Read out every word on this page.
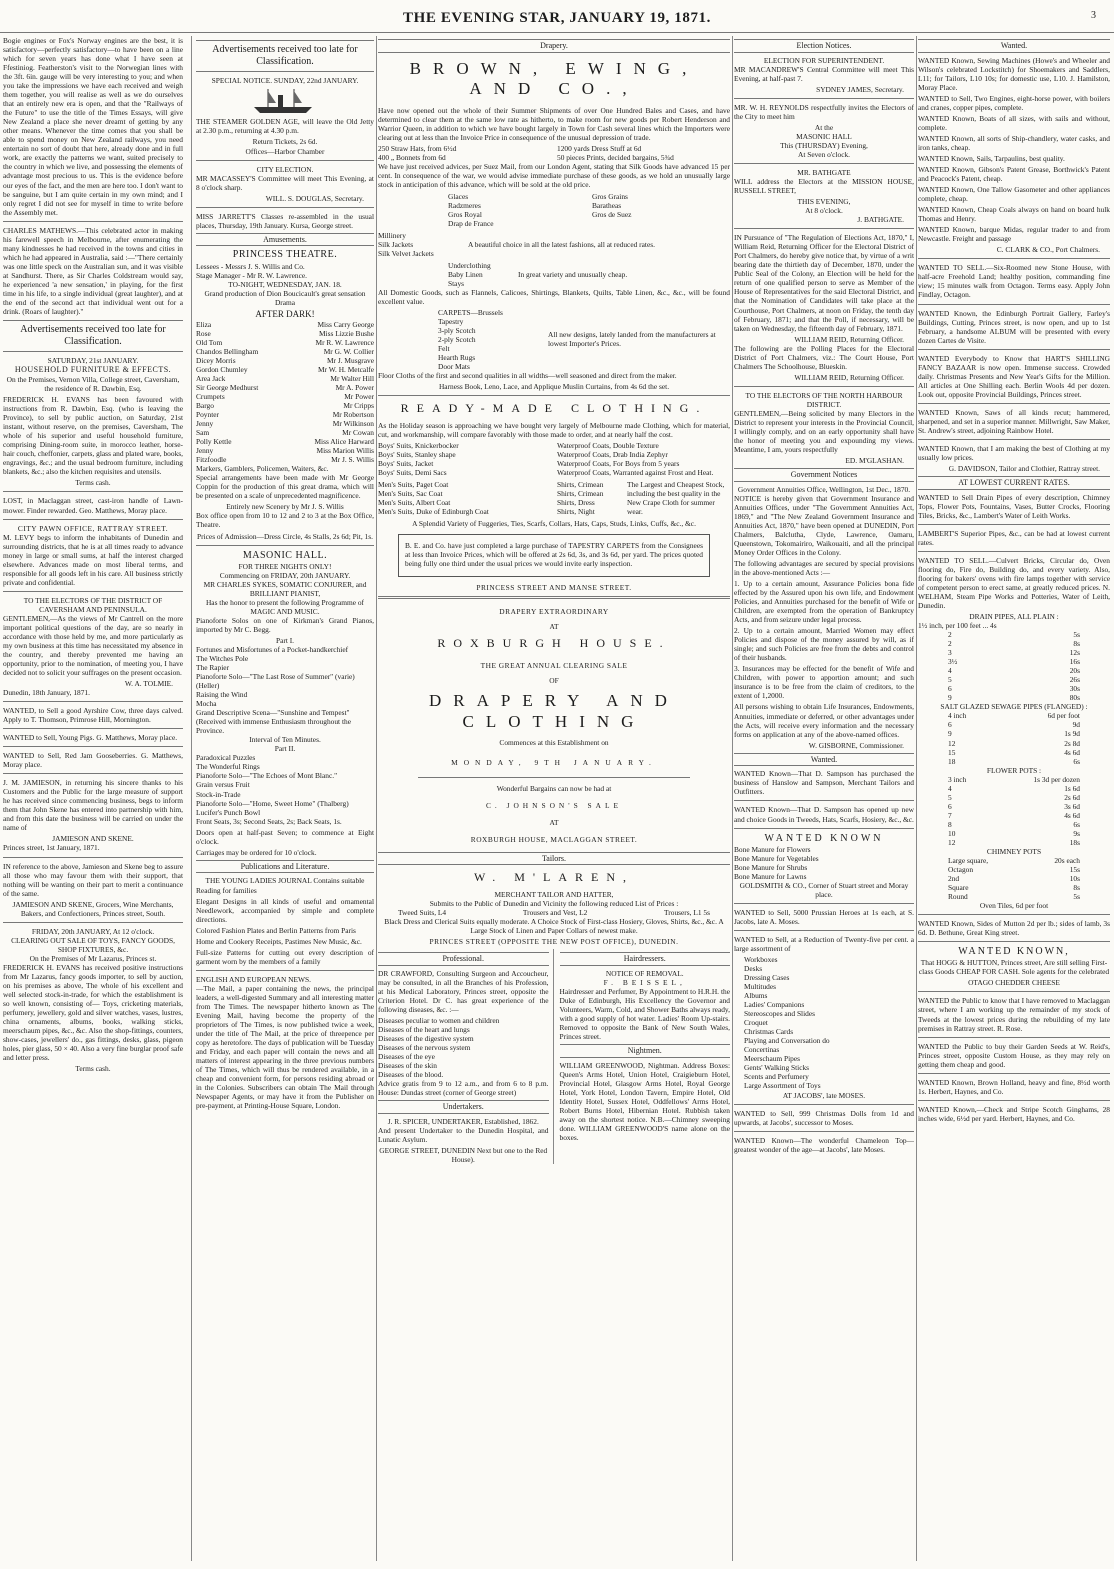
THE EVENING STAR, JANUARY 19, 1871.	3

Bogie engines or Fox's Norway engines are the best, it is satisfactory—perfectly satisfactory—to have been on a line which for seven years has done what I have seen at Ffestiniog. Featherston's visit to the Norwegian lines with the 3ft. 6in. gauge will be very interesting to you; and when you take the impressions we have each received and weigh them together, you will realise as well as we do ourselves that an entirely new era is open, and that the "Railways of the Future" to use the title of the Times Essays, will give New Zealand a place she never dreamt of getting by any other means. Whenever the time comes that you shall be able to spend money on New Zealand railways, you need entertain no sort of doubt that here, already done and in full work, are exactly the patterns we want, suited precisely to the country in which we live, and possessing the elements of advantage most precious to us. This is the evidence before our eyes of the fact, and the men are here too. I don't want to be sanguine, but I am quite certain in my own mind; and I only regret I did not see for myself in time to write before the Assembly met.

CHARLES MATHEWS.—This celebrated actor in making his farewell speech in Melbourne, after enumerating the many kindnesses he had received in the towns and cities in which he had appeared in Australia, said :—"There certainly was one little speck on the Australian sun, and it was visible at Sandhurst. There, as Sir Charles Coldstream would say, he experienced 'a new sensation,' in playing, for the first time in his life, to a single individual (great laughter), and at the end of the second act that individual went out for a drink. (Roars of laughter)."

Advertisements received too late for Classification.
SATURDAY, 21st JANUARY.
HOUSEHOLD FURNITURE & EFFECTS.

On the Premises, Vernon Villa, College street, Caversham, the residence of R. Dawbin, Esq.

FREDERICK H. EVANS has been favoured with instructions from R. Dawbin, Esq. (who is leaving the Province), to sell by public auction, on Saturday, 21st instant, without reserve, on the premises, Caversham, The whole of his superior and useful household furniture, comprising Dining-room suite, in morocco leather, horse-hair couch, cheffonier, carpets, glass and plated ware, books, engravings, &c.; and the usual bedroom furniture, including blankets, &c.; also the kitchen requisites and utensils.

Terms cash.

LOST, in Maclaggan street, cast-iron handle of Lawn-mower. Finder rewarded. Geo. Matthews, Moray place.

CITY PAWN OFFICE, RATTRAY STREET.

M. LEVY begs to inform the inhabitants of Dunedin and surrounding districts, that he is at all times ready to advance money in large or small sums, at half the interest charged elsewhere. Advances made on most liberal terms, and responsible for all goods left in his care. All business strictly private and confidential.

TO THE ELECTORS OF THE DISTRICT OF CAVERSHAM AND PENINSULA.

GENTLEMEN,—As the views of Mr Cantrell on the more important political questions of the day, are so nearly in accordance with those held by me, and more particularly as my own business at this time has necessitated my absence in the country, and thereby prevented me having an opportunity, prior to the nomination, of meeting you, I have decided not to solicit your suffrages on the present occasion.

W. A. TOLMIE.
Dunedin, 18th January, 1871.

WANTED, to Sell a good Ayrshire Cow, three days calved. Apply to T. Thomson, Primrose Hill, Mornington.

WANTED to Sell, Young Pigs. G. Matthews, Moray place.

WANTED to Sell, Red Jam Gooseberries. G. Matthews, Moray place.

J. M. JAMIESON, in returning his sincere thanks to his Customers and the Public for the large measure of support he has received since commencing business, begs to inform them that John Skene has entered into partnership with him, and from this date the business will be carried on under the name of

JAMIESON AND SKENE.
Princes street, 1st January, 1871.

IN reference to the above, Jamieson and Skene beg to assure all those who may favour them with their support, that nothing will be wanting on their part to merit a continuance of the same.

JAMIESON AND SKENE, Grocers, Wine Merchants, Bakers, and Confectioners, Princes street, South.

FRIDAY, 20th JANUARY, At 12 o'clock.
CLEARING OUT SALE OF TOYS, FANCY GOODS, SHOP FIXTURES, &c.
On the Premises of Mr Lazarus, Princes st.

FREDERICK H. EVANS has received positive instructions from Mr Lazarus, fancy goods importer, to sell by auction, on his premises as above, The whole of his excellent and well selected stock-in-trade, for which the establishment is so well known, consisting of— Toys, cricketing materials, perfumery, jewellery, gold and silver watches, vases, lustres, china ornaments, albums, books, walking sticks, meerschaum pipes, &c., &c. Also the shop-fittings, counters, show-cases, jewellers' do., gas fittings, desks, glass, pigeon holes, pier glass, 50 × 40. Also a very fine burglar proof safe and letter press.

Terms cash.
Advertisements received too late for Classification.
SPECIAL NOTICE. SUNDAY, 22nd JANUARY.

THE STEAMER GOLDEN AGE, will leave the Old Jetty at 2.30 p.m., returning at 4.30 p.m.

Return Tickets, 2s 6d.
Offices—Harbor Chamber
CITY ELECTION.

MR MACASSEY'S Committee will meet This Evening, at 8 o'clock sharp.

WILL. S. DOUGLAS, Secretary.

MISS JARRETT'S Classes re-assembled in the usual places, Thursday, 19th January. Kursa, George street.

Amusements.
PRINCESS THEATRE.
Lessees - Messrs J. S. Willis and Co.
Stage Manager - Mr R. W. Lawrence.
TO-NIGHT, WEDNESDAY, JAN. 18.

Grand production of Dion Boucicault's great sensation Drama

AFTER DARK!
Eliza	Miss Carry George
Rose	Miss Lizzie Bushe
Old Tom	Mr R. W. Lawrence
Chandos Bellingham	Mr G. W. Collier
Dicey Morris	Mr J. Musgrave
Gordon Chumley	Mr W. H. Metcalfe
Area Jack	Mr Walter Hill
Sir George Medhurst	Mr A. Power
Crumpets	Mr Power
Bargo	Mr Cripps
Poynter	Mr Robertson
Jenny	Mr Wilkinson
Sam	Mr Cowan
Polly Kettle	Miss Alice Harward
Jenny	Miss Marion Willis
Fitzfoodle	Mr J. S. Willis
Markers, Gamblers, Policemen, Waiters, &c.

Special arrangements have been made with Mr George Coppin for the production of this great drama, which will be presented on a scale of unprecedented magnificence.

Entirely new Scenery by Mr J. S. Willis

Box office open from 10 to 12 and 2 to 3 at the Box Office, Theatre.

Prices of Admission—Dress Circle, 4s Stalls, 2s 6d; Pit, 1s.

MASONIC HALL.
FOR THREE NIGHTS ONLY!
Commencing on FRIDAY, 20th JANUARY.
MR CHARLES SYKES, SOMATIC CONJURER, and BRILLIANT PIANIST,
Has the honor to present the following Programme of
MAGIC AND MUSIC.

Pianoforte Solos on one of Kirkman's Grand Pianos, imported by Mr C. Begg.

Part I.
Fortunes and Misfortunes of a Pocket-handkerchief
The Witches Pole
The Rapier
Pianoforte Solo—"The Last Rose of Summer" (varie) (Heller)
Raising the Wind
Mocha
Grand Descriptive Scena—"Sunshine and Tempest" (Received with immense Enthusiasm throughout the Province.
Interval of Ten Minutes.
Part II.
Paradoxical Puzzles
The Wonderful Rings
Pianoforte Solo—"The Echoes of Mont Blanc."
Grain versus Fruit
Stock-in-Trade
Pianoforte Solo—"Home, Sweet Home" (Thalberg)
Lucifer's Punch Bowl

Front Seats, 3s; Second Seats, 2s; Back Seats, 1s.

Doors open at half-past Seven; to commence at Eight o'clock.

Carriages may be ordered for 10 o'clock.
Publications and Literature.
THE YOUNG LADIES JOURNAL Contains suitable

Reading for families

Elegant Designs in all kinds of useful and ornamental Needlework, accompanied by simple and complete directions.

Colored Fashion Plates and Berlin Patterns from Paris

Home and Cookery Receipts, Pastimes New Music, &c.

Full-size Patterns for cutting out every description of garment worn by the members of a family

ENGLISH AND EUROPEAN NEWS.

—The Mail, a paper containing the news, the principal leaders, a well-digested Summary and all interesting matter from The Times. The newspaper hitherto known as The Evening Mail, having become the property of the proprietors of The Times, is now published twice a week, under the title of The Mail, at the price of threepence per copy as heretofore. The days of publication will be Tuesday and Friday, and each paper will contain the news and all matters of interest appearing in the three previous numbers of The Times, which will thus be rendered available, in a cheap and convenient form, for persons residing abroad or in the Colonies. Subscribers can obtain The Mail through Newspaper Agents, or may have it from the Publisher on pre-payment, at Printing-House Square, London.

Drapery.
BROWN, EWING, AND CO.,

Have now opened out the whole of their Summer Shipments of over One Hundred Bales and Cases, and have determined to clear them at the same low rate as hitherto, to make room for new goods per Robert Henderson and Warrior Queen, in addition to which we have bought largely in Town for Cash several lines which the Importers were clearing out at less than the Invoice Price in consequence of the unusual depression of trade.

250 Straw Hats, from 6½d
400 „ Bonnets from 6d
1200 yards Dress Stuff at 6d
50 pieces Prints, decided bargains, 5¾d

We have just received advices, per Suez Mail, from our London Agent, stating that Silk Goods have advanced 15 per cent. In consequence of the war, we would advise immediate purchase of these goods, as we hold an unusually large stock in anticipation of this advance, which will be sold at the old price.

Glaces
Radzmeres
Gros Royal
Drap de France
Gros Grains
Baratheas
Gros de Suez
Millinery
Silk Jackets
Silk Velvet Jackets
A beautiful choice in all the latest fashions, all at reduced rates.
Underclothing
Baby Linen
Stays
In great variety and unusually cheap.

All Domestic Goods, such as Flannels, Calicoes, Shirtings, Blankets, Quilts, Table Linen, &c., &c., will be found excellent value.

CARPETS—Brussels
Tapestry
3-ply Scotch
2-ply Scotch
Felt
Hearth Rugs
Door Mats
All new designs, lately landed from the manufacturers at lowest Importer's Prices.

Floor Cloths of the first and second qualities in all widths—well seasoned and direct from the maker.

Harness Book, Leno, Lace, and Applique Muslin Curtains, from 4s 6d the set.

READY-MADE CLOTHING.

As the Holiday season is approaching we have bought very largely of Melbourne made Clothing, which for material, cut, and workmanship, will compare favorably with those made to order, and at nearly half the cost.

Boys' Suits, Knickerbocker
Boys' Suits, Stanley shape
Boys' Suits, Jacket
Boys' Suits, Demi Sacs
Waterproof Coats, Double Texture
Waterproof Coats, Drab India Zephyr
Waterproof Coats, For Boys from 5 years
Waterproof Coats, Warranted against Frost and Heat.
Men's Suits, Paget Coat
Men's Suits, Sac Coat
Men's Suits, Albert Coat
Men's Suits, Duke of Edinburgh Coat
Shirts, Crimean
Shirts, Crimean
Shirts, Dress
Shirts, Night
The Largest and Cheapest Stock, including the best quality in the New Crape Cloth for summer wear.

A Splendid Variety of Fuggeries, Ties, Scarfs, Collars, Hats, Caps, Studs, Links, Cuffs, &c., &c.

B. E. and Co. have just completed a large purchase of TAPESTRY CARPETS from the Consignees at less than Invoice Prices, which will be offered at 2s 6d, 3s, and 3s 6d, per yard. The prices quoted being fully one third under the usual prices we would invite early inspection.

PRINCESS STREET AND MANSE STREET.
DRAPERY EXTRAORDINARY
AT
ROXBURGH HOUSE.
THE GREAT ANNUAL CLEARING SALE
OF
DRAPERY AND CLOTHING
Commences at this Establishment on
MONDAY, 9TH JANUARY.
Wonderful Bargains can now be had at
C. JOHNSON'S SALE
AT
ROXBURGH HOUSE, MACLAGGAN STREET.
Tailors.
W. M'LAREN,
MERCHANT TAILOR AND HATTER,
Submits to the Public of Dunedin and Vicinity the following reduced List of Prices :
Tweed Suits, L4	Trousers and Vest, L2	Trousers, L1 5s

Black Dress and Clerical Suits equally moderate. A Choice Stock of First-class Hosiery, Gloves, Shirts, &c., &c. A Large Stock of Linen and Paper Collars of newest make.

PRINCES STREET (OPPOSITE THE NEW POST OFFICE), DUNEDIN.
Professional.

DR CRAWFORD, Consulting Surgeon and Accoucheur, may be consulted, in all the Branches of his Profession, at his Medical Laboratory, Princes street, opposite the Criterion Hotel. Dr C. has great experience of the following diseases, &c. :—

Diseases peculiar to women and children
Diseases of the heart and lungs
Diseases of the digestive system
Diseases of the nervous system
Diseases of the eye
Diseases of the skin
Diseases of the blood.

Advice gratis from 9 to 12 a.m., and from 6 to 8 p.m. House: Dundas street (corner of George street)

Undertakers.
J. R. SPICER, UNDERTAKER, Established, 1862.

And present Undertaker to the Dunedin Hospital, and Lunatic Asylum.

GEORGE STREET, DUNEDIN Next but one to the Red House).
Hairdressers.
NOTICE OF REMOVAL.
F. BEISSEL,

Hairdresser and Perfumer, By Appointment to H.R.H. the Duke of Edinburgh, His Excellency the Governor and Volunteers, Warm, Cold, and Shower Baths always ready, with a good supply of hot water. Ladies' Room Up-stairs. Removed to opposite the Bank of New South Wales, Princes street.

Nightmen.

WILLIAM GREENWOOD, Nightman. Address Boxes: Queen's Arms Hotel, Union Hotel, Craigieburn Hotel, Provincial Hotel, Glasgow Arms Hotel, Royal George Hotel, York Hotel, London Tavern, Empire Hotel, Old Identity Hotel, Sussex Hotel, Oddfellows' Arms Hotel, Robert Burns Hotel, Hibernian Hotel. Rubbish taken away on the shortest notice. N.B.—Chimney sweeping done. WILLIAM GREENWOOD'S name alone on the boxes.

Election Notices.
ELECTION FOR SUPERINTENDENT.

MR MACANDREW'S Central Committee will meet This Evening, at half-past 7.

SYDNEY JAMES, Secretary.

MR. W. H. REYNOLDS respectfully invites the Electors of the City to meet him

At the
MASONIC HALL
This (THURSDAY) Evening,
At Seven o'clock.
MR. BATHGATE

WILL address the Electors at the MISSION HOUSE, RUSSELL STREET,

THIS EVENING,
At 8 o'clock.
J. BATHGATE.

IN Pursuance of "The Regulation of Elections Act, 1870," I, William Reid, Returning Officer for the Electoral District of Port Chalmers, do hereby give notice that, by virtue of a writ bearing date the thirtieth day of December, 1870, under the Public Seal of the Colony, an Election will be held for the return of one qualified person to serve as Member of the House of Representatives for the said Electoral District, and that the Nomination of Candidates will take place at the Courthouse, Port Chalmers, at noon on Friday, the tenth day of February, 1871; and that the Poll, if necessary, will be taken on Wednesday, the fifteenth day of February, 1871.

WILLIAM REID, Returning Officer.

The following are the Polling Places for the Electoral District of Port Chalmers, viz.: The Court House, Port Chalmers The Schoolhouse, Blueskin.

WILLIAM REID, Returning Officer.
TO THE ELECTORS OF THE NORTH HARBOUR DISTRICT.

GENTLEMEN,—Being solicited by many Electors in the District to represent your interests in the Provincial Council, I willingly comply, and on an early opportunity shall have the honor of meeting you and expounding my views. Meantime, I am, yours respectfully

ED. M'GLASHAN.
Government Notices
Government Annuities Office, Wellington, 1st Dec., 1870.

NOTICE is hereby given that Government Insurance and Annuities Offices, under "The Government Annuities Act, 1869," and "The New Zealand Government Insurance and Annuities Act, 1870," have been opened at DUNEDIN, Port Chalmers, Balclutha, Clyde, Lawrence, Oamaru, Queenstown, Tokomairiro, Waikouaiti, and all the principal Money Order Offices in the Colony.

The following advantages are secured by special provisions in the above-mentioned Acts :—

1. Up to a certain amount, Assurance Policies bona fide effected by the Assured upon his own life, and Endowment Policies, and Annuities purchased for the benefit of Wife or Children, are exempted from the operation of Bankruptcy Acts, and from seizure under legal process.

2. Up to a certain amount, Married Women may effect Policies and dispose of the money assured by will, as if single; and such Policies are free from the debts and control of their husbands.

3. Insurances may be effected for the benefit of Wife and Children, with power to apportion amount; and such insurance is to be free from the claim of creditors, to the extent of 1,2000.

All persons wishing to obtain Life Insurances, Endowments, Annuities, immediate or deferred, or other advantages under the Acts, will receive every information and the necessary forms on application at any of the above-named offices.

W. GISBORNE, Commissioner.
Wanted.

WANTED Known—That D. Sampson has purchased the business of Hanslow and Sampson, Merchant Tailors and Outfitters.

WANTED Known—That D. Sampson has opened up new and choice Goods in Tweeds, Hats, Scarfs, Hosiery, &c., &c.

WANTED KNOWN
Bone Manure for Flowers
Bone Manure for Vegetables
Bone Manure for Shrubs
Bone Manure for Lawns

GOLDSMITH & CO., Corner of Stuart street and Moray place.

WANTED to Sell, 5000 Prussian Heroes at 1s each, at S. Jacobs, late A. Moses.

WANTED to Sell, at a Reduction of Twenty-five per cent. a large assortment of

Workboxes
Desks
Dressing Cases
Multitudes
Albums
Ladies' Companions
Stereoscopes and Slides
Croquet
Christmas Cards
Playing and Conversation do
Concertinas
Meerschaum Pipes
Gents' Walking Sticks
Scents and Perfumery
Large Assortment of Toys
AT JACOBS', late MOSES.

WANTED to Sell, 999 Christmas Dolls from 1d and upwards, at Jacobs', successor to Moses.

WANTED Known—The wonderful Chameleon Top—greatest wonder of the age—at Jacobs', late Moses.

Wanted.

WANTED Known, Sewing Machines (Howe's and Wheeler and Wilson's celebrated Lockstitch) for Shoemakers and Saddlers, L11; for Tailors, L10 10s; for domestic use, L10. J. Hamilston, Moray Place.

WANTED to Sell, Two Engines, eight-horse power, with boilers and cranes, copper pipes, complete.

WANTED Known, Boats of all sizes, with sails and without, complete.

WANTED Known, all sorts of Ship-chandlery, water casks, and iron tanks, cheap.

WANTED Known, Sails, Tarpaulins, best quality.

WANTED Known, Gibson's Patent Grease, Borthwick's Patent and Peacock's Patent, cheap.

WANTED Known, One Tallow Gasometer and other appliances complete, cheap.

WANTED Known, Cheap Coals always on hand on board hulk Thomas and Henry.

WANTED Known, barque Midas, regular trader to and from Newcastle. Freight and passage

C. CLARK & CO., Port Chalmers.

WANTED TO SELL.—Six-Roomed new Stone House, with half-acre Freehold Land; healthy position, commanding fine view; 15 minutes walk from Octagon. Terms easy. Apply John Findlay, Octagon.

WANTED Known, the Edinburgh Portrait Gallery, Farley's Buildings, Cutting, Princes street, is now open, and up to 1st February, a handsome ALBUM will be presented with every dozen Cartes de Visite.

WANTED Everybody to Know that HART'S SHILLING FANCY BAZAAR is now open. Immense success. Crowded daily. Christmas Presents and New Year's Gifts for the Million. All articles at One Shilling each. Berlin Wools 4d per dozen. Look out, opposite Provincial Buildings, Princes street.

WANTED Known, Saws of all kinds recut; hammered, sharpened, and set in a superior manner. Millwright, Saw Maker, St. Andrew's street, adjoining Rainbow Hotel.

WANTED Known, that I am making the best of Clothing at my usually low prices.

G. DAVIDSON, Tailor and Clothier, Rattray street.
AT LOWEST CURRENT RATES.

WANTED to Sell Drain Pipes of every description, Chimney Tops, Flower Pots, Fountains, Vases, Butter Crocks, Flooring Tiles, Bricks, &c., Lambert's Water of Leith Works.

LAMBERT'S Superior Pipes, &c., can be had at lowest current rates.

WANTED TO SELL.—Culvert Bricks, Circular do, Oven flooring do, Fire do, Building do, and every variety. Also, flooring for bakers' ovens with fire lamps together with service of competent person to erect same, at greatly reduced prices. N. WELHAM, Steam Pipe Works and Potteries, Water of Leith, Dunedin.

DRAIN PIPES, ALL PLAIN :
1½ inch, per 100 feet ... 4s
2	5s
2	8s
3	12s
3½	16s
4	20s
5	26s
6	30s
9	80s
SALT GLAZED SEWAGE PIPES (FLANGED) :
4 inch	6d per foot
6	9d
9	1s 9d
12	2s 8d
15	4s 6d
18	6s
FLOWER POTS :
3 inch	1s 3d per dozen
4	1s 6d
5	2s 6d
6	3s 6d
7	4s 6d
8	6s
10	9s
12	18s
CHIMNEY POTS
Large square,	20s each
Octagon	15s
2nd	10s
Square	8s
Round	5s
Oven Tiles, 6d per foot

WANTED Known, Sides of Mutton 2d per lb.; sides of lamb, 3s 6d. D. Bethune, Great King street.

WANTED KNOWN,

That HOGG & HUTTON, Princes street, Are still selling First-class Goods CHEAP FOR CASH. Sole agents for the celebrated

OTAGO CHEDDER CHEESE

WANTED the Public to know that I have removed to Maclaggan street, where I am working up the remainder of my stock of Tweeds at the lowest prices during the rebuilding of my late premises in Rattray street. R. Rose.

WANTED the Public to buy their Garden Seeds at W. Reid's, Princes street, opposite Custom House, as they may rely on getting them cheap and good.

WANTED Known, Brown Holland, heavy and fine, 8½d worth 1s. Herbert, Haynes, and Co.

WANTED Known,—Check and Stripe Scotch Ginghams, 28 inches wide, 6½d per yard. Herbert, Haynes, and Co.
